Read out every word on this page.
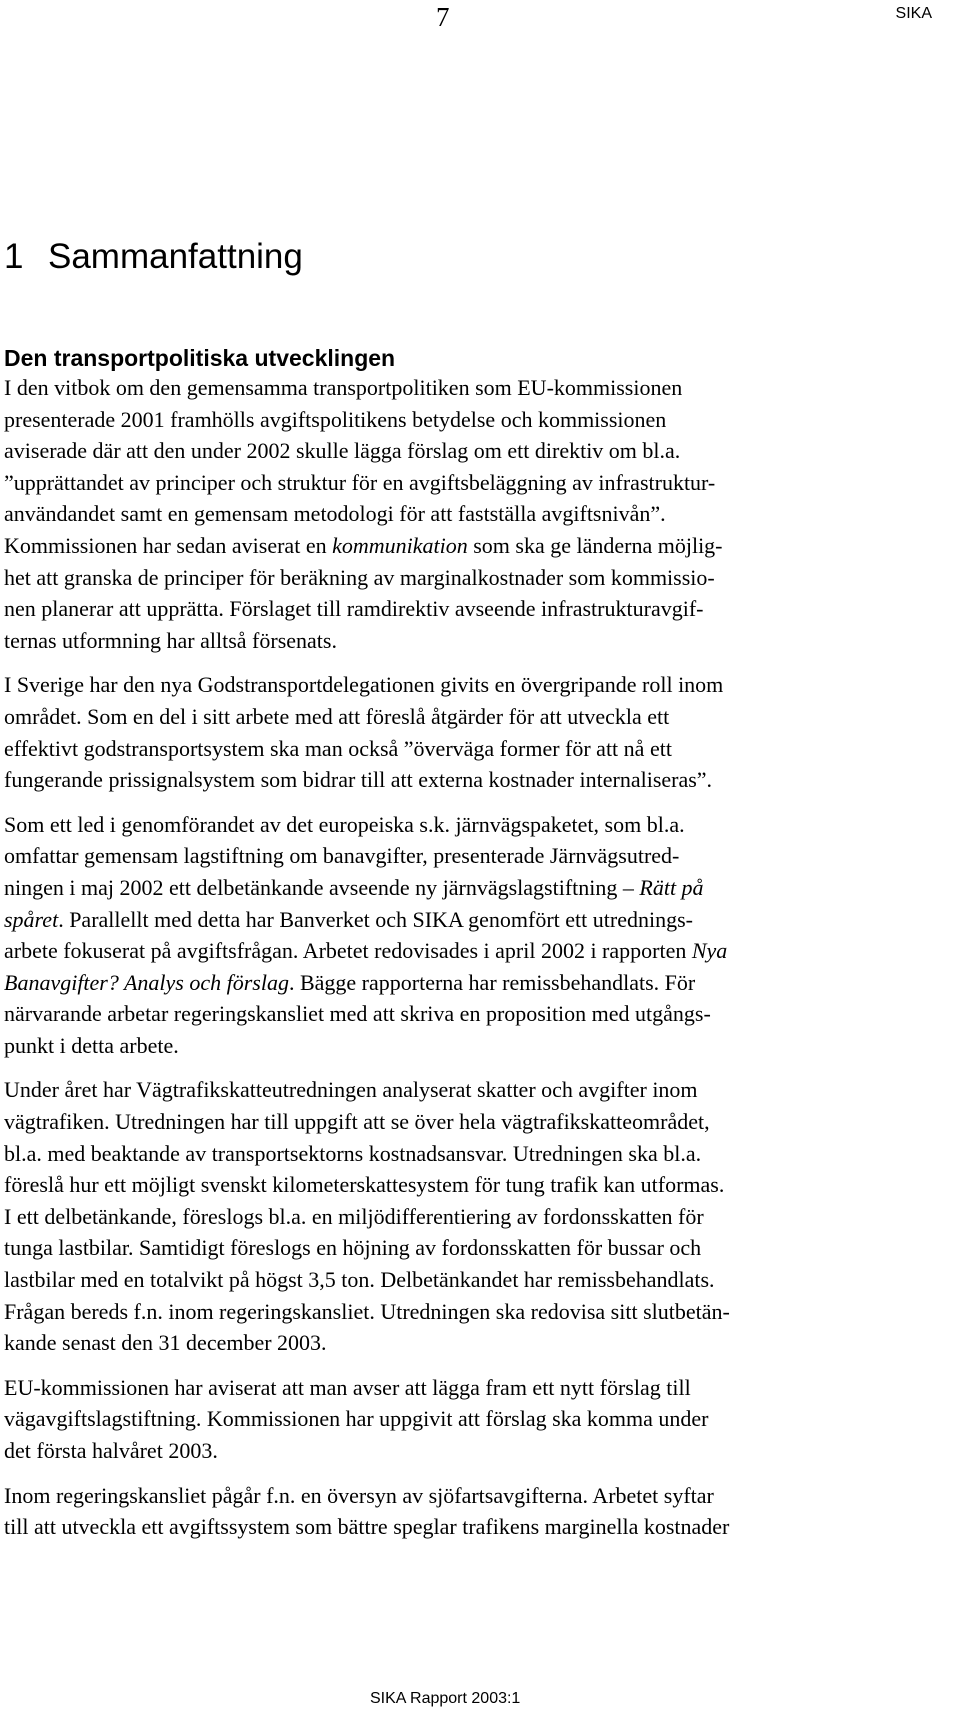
7	SIKA
1 Sammanfattning
Den transportpolitiska utvecklingen

I den vitbok om den gemensamma transportpolitiken som EU-kommissionen
presenterade 2001 framhölls avgiftspolitikens betydelse och kommissionen
aviserade där att den under 2002 skulle lägga förslag om ett direktiv om bl.a.
”upprättandet av principer och struktur för en avgiftsbeläggning av infrastruktur-
användandet samt en gemensam metodologi för att fastställa avgiftsnivån”.
Kommissionen har sedan aviserat en kommunikation som ska ge länderna möjlig-
het att granska de principer för beräkning av marginalkostnader som kommissio-
nen planerar att upprätta. Förslaget till ramdirektiv avseende infrastrukturavgif-
ternas utformning har alltså försenats.

I Sverige har den nya Godstransportdelegationen givits en övergripande roll inom
området. Som en del i sitt arbete med att föreslå åtgärder för att utveckla ett
effektivt godstransportsystem ska man också ”överväga former för att nå ett
fungerande prissignalsystem som bidrar till att externa kostnader internaliseras”.

Som ett led i genomförandet av det europeiska s.k. järnvägspaketet, som bl.a.
omfattar gemensam lagstiftning om banavgifter, presenterade Järnvägsutred-
ningen i maj 2002 ett delbetänkande avseende ny järnvägslagstiftning – Rätt på
spåret. Parallellt med detta har Banverket och SIKA genomfört ett utrednings-
arbete fokuserat på avgiftsfrågan. Arbetet redovisades i april 2002 i rapporten Nya
Banavgifter? Analys och förslag. Bägge rapporterna har remissbehandlats. För
närvarande arbetar regeringskansliet med att skriva en proposition med utgångs-
punkt i detta arbete.

Under året har Vägtrafikskatteutredningen analyserat skatter och avgifter inom
vägtrafiken. Utredningen har till uppgift att se över hela vägtrafikskatteområdet,
bl.a. med beaktande av transportsektorns kostnadsansvar. Utredningen ska bl.a.
föreslå hur ett möjligt svenskt kilometerskattesystem för tung trafik kan utformas.
I ett delbetänkande, föreslogs bl.a. en miljödifferentiering av fordonsskatten för
tunga lastbilar. Samtidigt föreslogs en höjning av fordonsskatten för bussar och
lastbilar med en totalvikt på högst 3,5 ton. Delbetänkandet har remissbehandlats.
Frågan bereds f.n. inom regeringskansliet. Utredningen ska redovisa sitt slutbetän-
kande senast den 31 december 2003.

EU-kommissionen har aviserat att man avser att lägga fram ett nytt förslag till
vägavgiftslagstiftning. Kommissionen har uppgivit att förslag ska komma under
det första halvåret 2003.

Inom regeringskansliet pågår f.n. en översyn av sjöfartsavgifterna. Arbetet syftar
till att utveckla ett avgiftssystem som bättre speglar trafikens marginella kostnader

SIKA Rapport 2003:1
